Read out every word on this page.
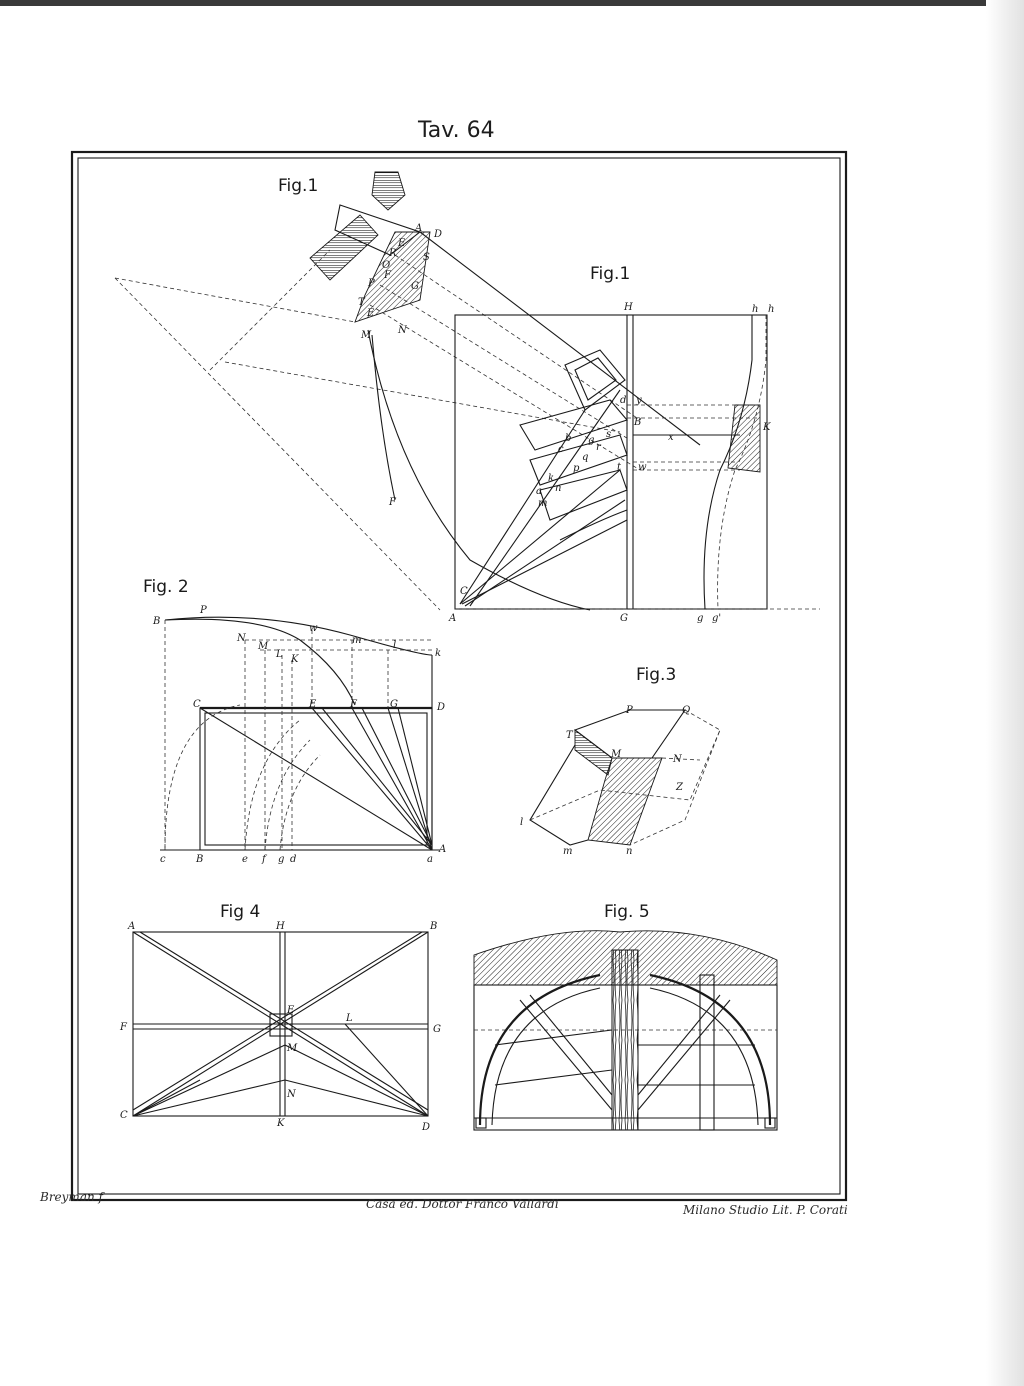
Tav. 64
Fig.1
A
D
E
R	S
O
F
G
P
T
E
M	N
F
Fig.1
H	h h
d y
B
x
K
s
b g
c	r
q
p	t w
k
a n
m
C
A	G	g g'
Fig. 2
B
P
N
w
m	l
k
M
L K
C	E	F	G	D
c	B	e f g d	a
A
Fig.3
P	Q
T
M	N
Z
l
m	n
Fig 4
A	H	B
E
L
F	G
M
N
C
K	D
Fig. 5
Breyman f	Casa ed. Dottor Franco Vallardi	Milano Studio Lit. P. Corati
